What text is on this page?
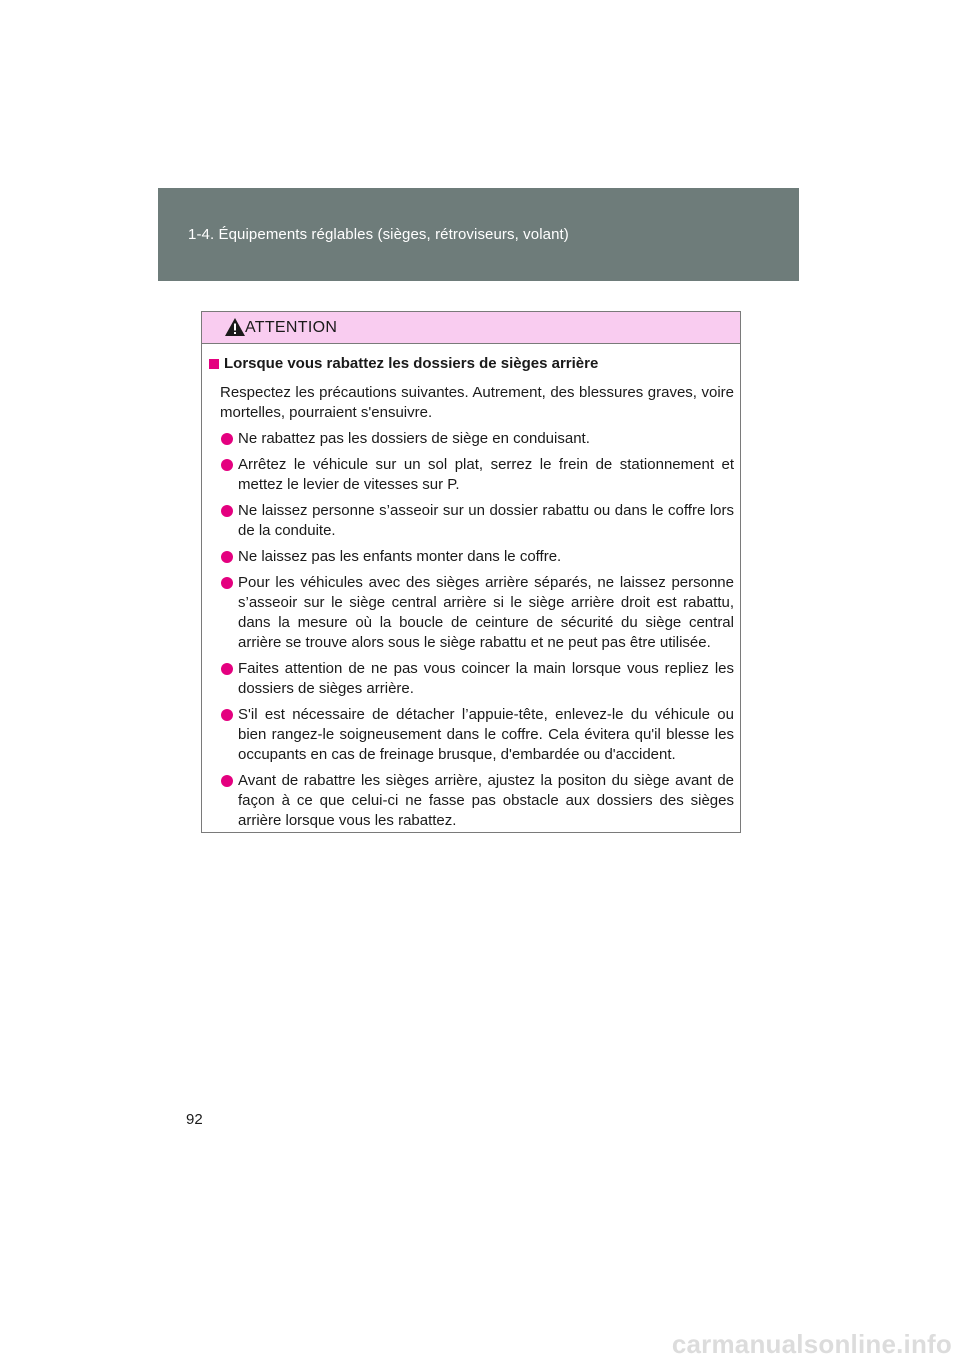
1-4. Équipements réglables (sièges, rétroviseurs, volant)
ATTENTION
Lorsque vous rabattez les dossiers de sièges arrière
Respectez les précautions suivantes. Autrement, des blessures graves, voire mortelles, pourraient s'ensuivre.
Ne rabattez pas les dossiers de siège en conduisant.
Arrêtez le véhicule sur un sol plat, serrez le frein de stationnement et mettez le levier de vitesses sur P.
Ne laissez personne s’asseoir sur un dossier rabattu ou dans le coffre lors de la conduite.
Ne laissez pas les enfants monter dans le coffre.
Pour les véhicules avec des sièges arrière séparés, ne laissez personne s’asseoir sur le siège central arrière si le siège arrière droit est rabattu, dans la mesure où la boucle de ceinture de sécurité du siège central arrière se trouve alors sous le siège rabattu et ne peut pas être utilisée.
Faites attention de ne pas vous coincer la main lorsque vous repliez les dossiers de sièges arrière.
S'il est nécessaire de détacher l’appuie-tête, enlevez-le du véhicule ou bien rangez-le soigneusement dans le coffre. Cela évitera qu'il blesse les occupants en cas de freinage brusque, d'embardée ou d'accident.
Avant de rabattre les sièges arrière, ajustez la positon du siège avant de façon à ce que celui-ci ne fasse pas obstacle aux dossiers des sièges arrière lorsque vous les rabattez.
92
carmanualsonline.info
